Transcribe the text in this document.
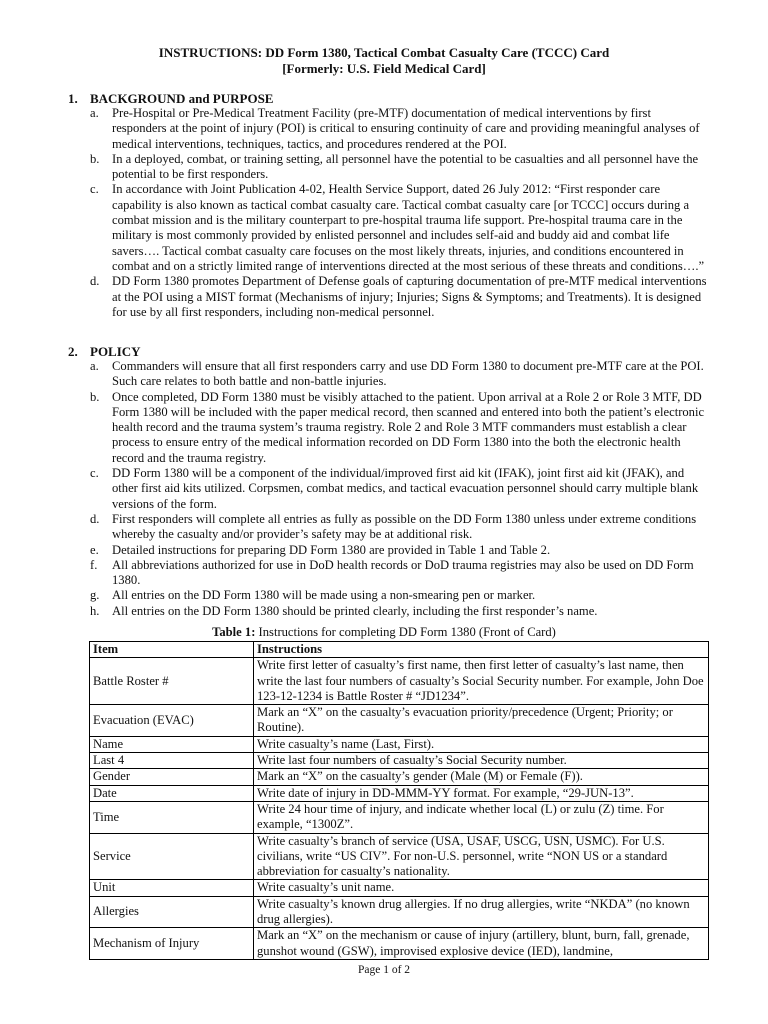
INSTRUCTIONS: DD Form 1380, Tactical Combat Casualty Care (TCCC) Card
[Formerly: U.S. Field Medical Card]
1. BACKGROUND and PURPOSE
a. Pre-Hospital or Pre-Medical Treatment Facility (pre-MTF) documentation of medical interventions by first responders at the point of injury (POI) is critical to ensuring continuity of care and providing meaningful analyses of medical interventions, techniques, tactics, and procedures rendered at the POI.
b. In a deployed, combat, or training setting, all personnel have the potential to be casualties and all personnel have the potential to be first responders.
c. In accordance with Joint Publication 4-02, Health Service Support, dated 26 July 2012: “First responder care capability is also known as tactical combat casualty care. Tactical combat casualty care [or TCCC] occurs during a combat mission and is the military counterpart to pre-hospital trauma life support. Pre-hospital trauma care in the military is most commonly provided by enlisted personnel and includes self-aid and buddy aid and combat life savers…. Tactical combat casualty care focuses on the most likely threats, injuries, and conditions encountered in combat and on a strictly limited range of interventions directed at the most serious of these threats and conditions….”
d. DD Form 1380 promotes Department of Defense goals of capturing documentation of pre-MTF medical interventions at the POI using a MIST format (Mechanisms of injury; Injuries; Signs & Symptoms; and Treatments). It is designed for use by all first responders, including non-medical personnel.
2. POLICY
a. Commanders will ensure that all first responders carry and use DD Form 1380 to document pre-MTF care at the POI. Such care relates to both battle and non-battle injuries.
b. Once completed, DD Form 1380 must be visibly attached to the patient. Upon arrival at a Role 2 or Role 3 MTF, DD Form 1380 will be included with the paper medical record, then scanned and entered into both the patient’s electronic health record and the trauma system’s trauma registry. Role 2 and Role 3 MTF commanders must establish a clear process to ensure entry of the medical information recorded on DD Form 1380 into the both the electronic health record and the trauma registry.
c. DD Form 1380 will be a component of the individual/improved first aid kit (IFAK), joint first aid kit (JFAK), and other first aid kits utilized. Corpsmen, combat medics, and tactical evacuation personnel should carry multiple blank versions of the form.
d. First responders will complete all entries as fully as possible on the DD Form 1380 unless under extreme conditions whereby the casualty and/or provider’s safety may be at additional risk.
e. Detailed instructions for preparing DD Form 1380 are provided in Table 1 and Table 2.
f. All abbreviations authorized for use in DoD health records or DoD trauma registries may also be used on DD Form 1380.
g. All entries on the DD Form 1380 will be made using a non-smearing pen or marker.
h. All entries on the DD Form 1380 should be printed clearly, including the first responder’s name.
Table 1: Instructions for completing DD Form 1380 (Front of Card)
Item	Instructions
Battle Roster #	Write first letter of casualty’s first name, then first letter of casualty’s last name, then write the last four numbers of casualty’s Social Security number. For example, John Doe 123-12-1234 is Battle Roster # “JD1234”.
Evacuation (EVAC)	Mark an “X” on the casualty’s evacuation priority/precedence (Urgent; Priority; or Routine).
Name	Write casualty’s name (Last, First).
Last 4	Write last four numbers of casualty’s Social Security number.
Gender	Mark an “X” on the casualty’s gender (Male (M) or Female (F)).
Date	Write date of injury in DD-MMM-YY format. For example, “29-JUN-13”.
Time	Write 24 hour time of injury, and indicate whether local (L) or zulu (Z) time. For example, “1300Z”.
Service	Write casualty’s branch of service (USA, USAF, USCG, USN, USMC). For U.S. civilians, write “US CIV”. For non-U.S. personnel, write “NON US or a standard abbreviation for casualty’s nationality.
Unit	Write casualty’s unit name.
Allergies	Write casualty’s known drug allergies. If no drug allergies, write “NKDA” (no known drug allergies).
Mechanism of Injury	Mark an “X” on the mechanism or cause of injury (artillery, blunt, burn, fall, grenade, gunshot wound (GSW), improvised explosive device (IED), landmine,
Page 1 of 2
